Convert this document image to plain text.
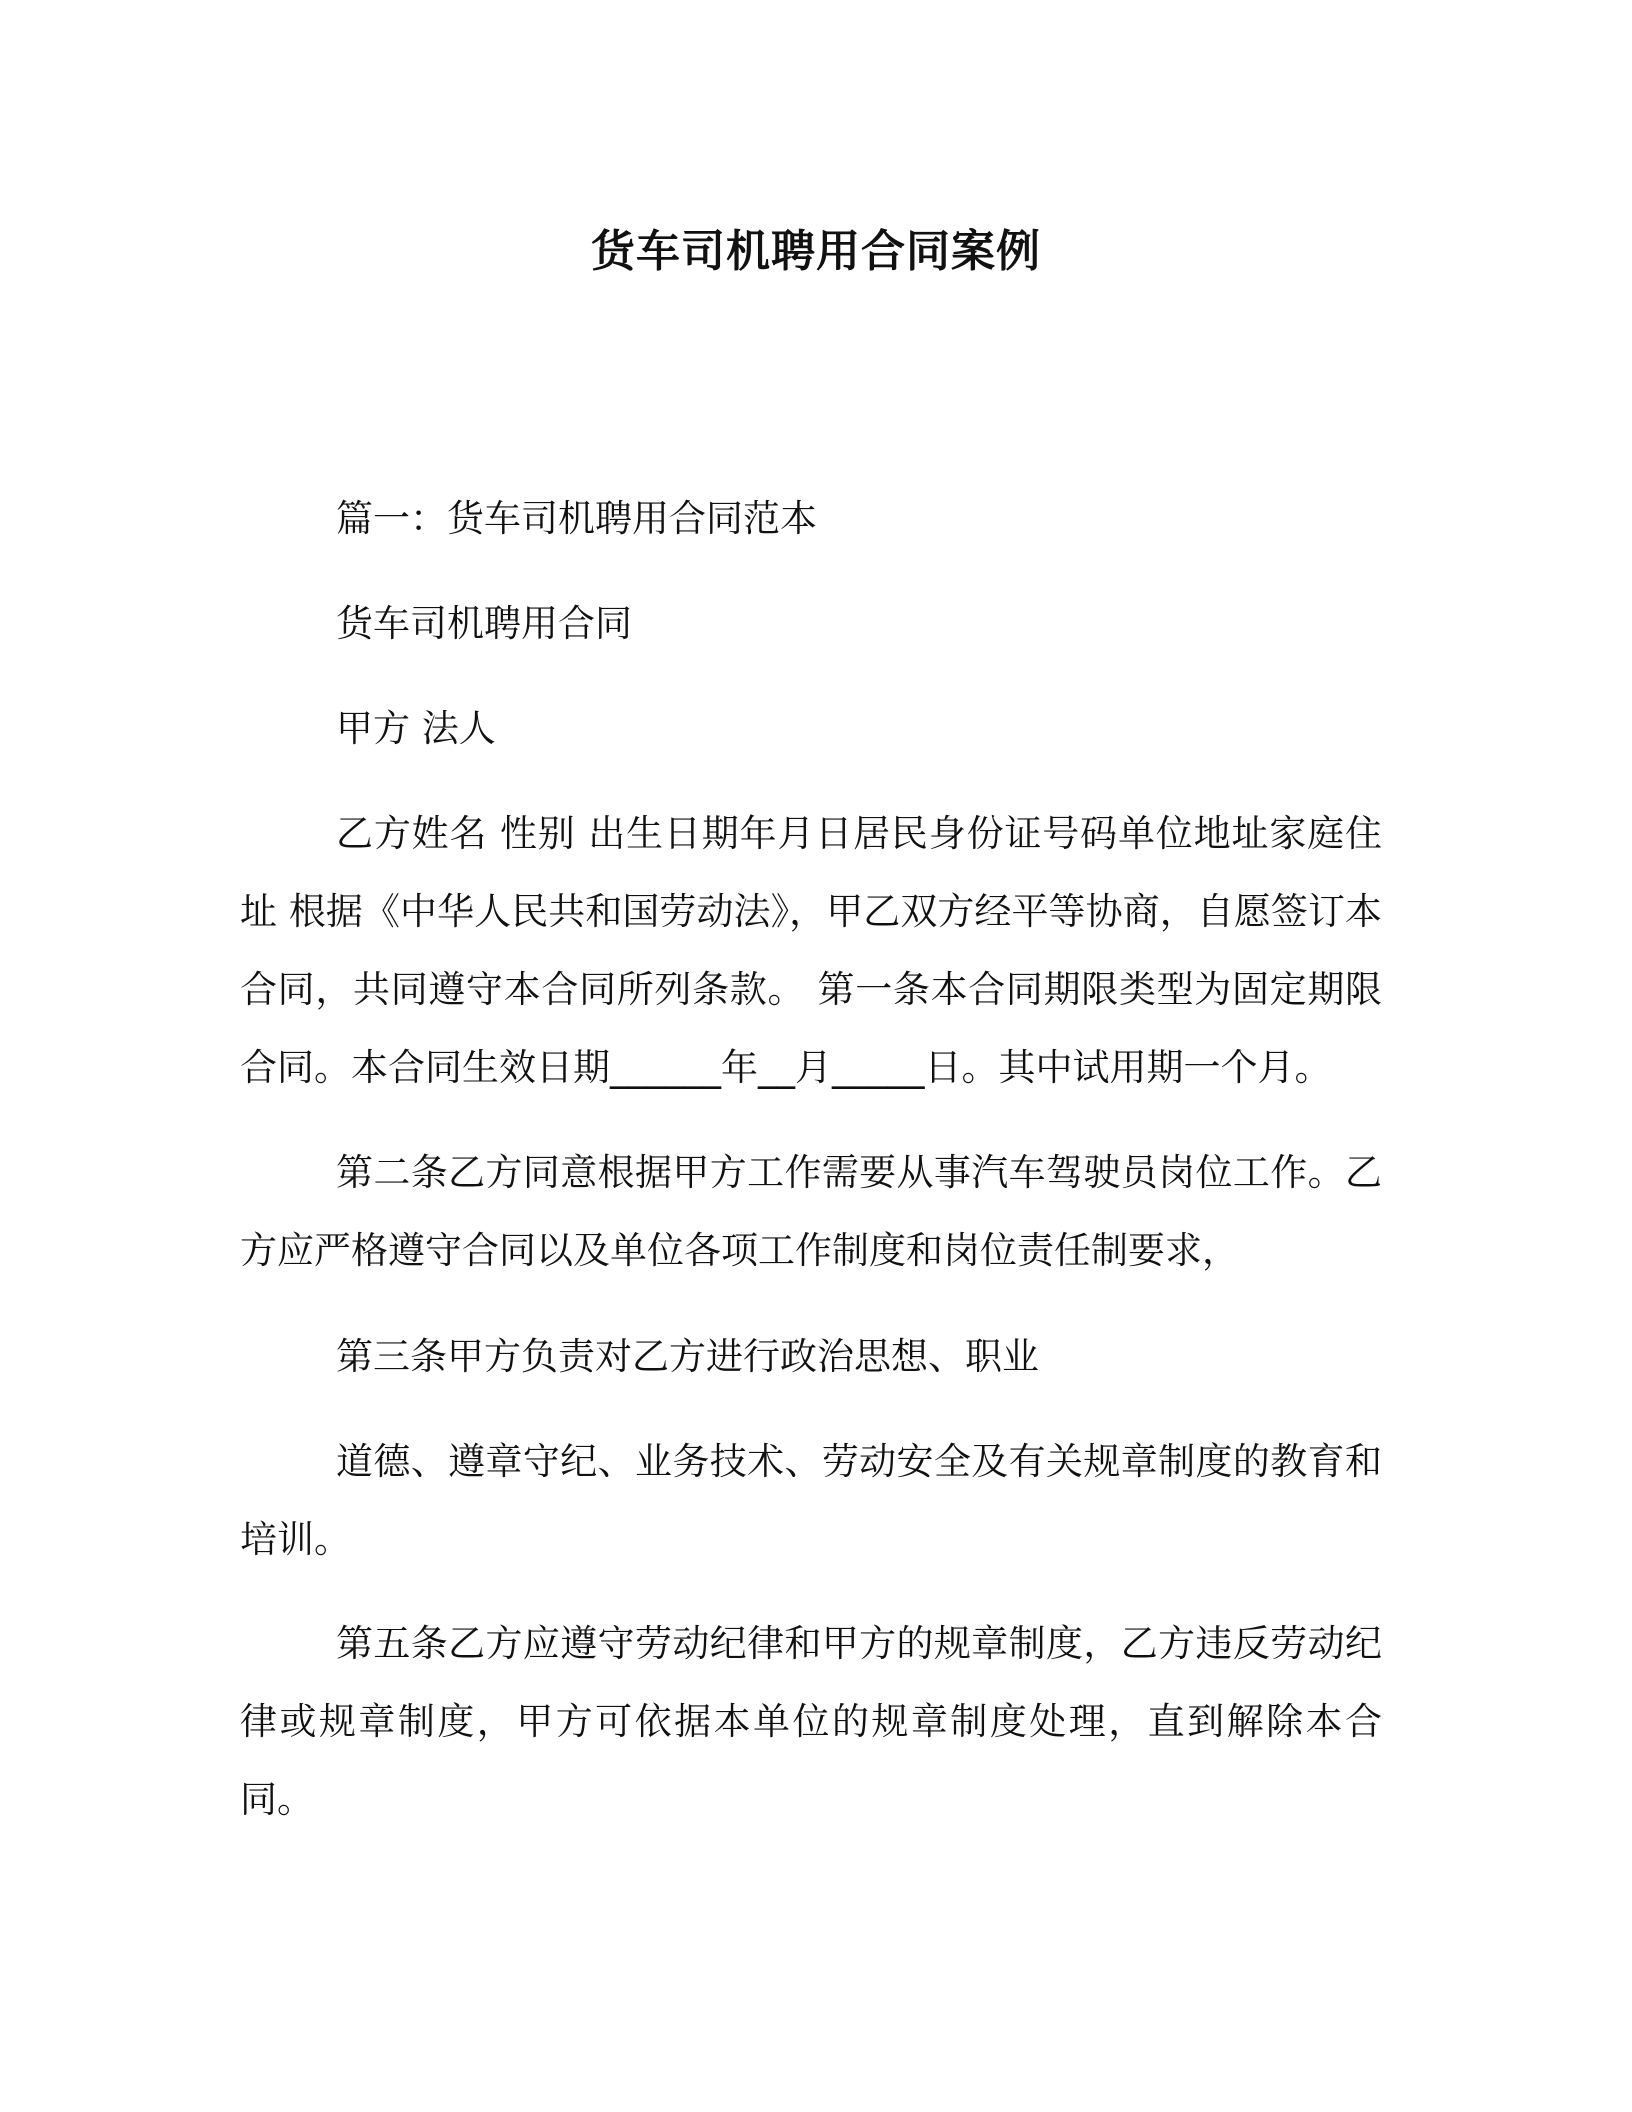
货车司机聘用合同案例

篇一：货车司机聘用合同范本

货车司机聘用合同

甲方 法人

乙方姓名 性别 出生日期年月日居民身份证号码单位地址家庭住址 根据《中华人民共和国劳动法》，甲乙双方经平等协商，自愿签订本合同，共同遵守本合同所列条款。 第一条本合同期限类型为固定期限合同。本合同生效日期______年__月_____日。其中试用期一个月。

第二条乙方同意根据甲方工作需要从事汽车驾驶员岗位工作。乙方应严格遵守合同以及单位各项工作制度和岗位责任制要求，

第三条甲方负责对乙方进行政治思想、职业

道德、遵章守纪、业务技术、劳动安全及有关规章制度的教育和培训。

第五条乙方应遵守劳动纪律和甲方的规章制度，乙方违反劳动纪律或规章制度，甲方可依据本单位的规章制度处理，直到解除本合同。
